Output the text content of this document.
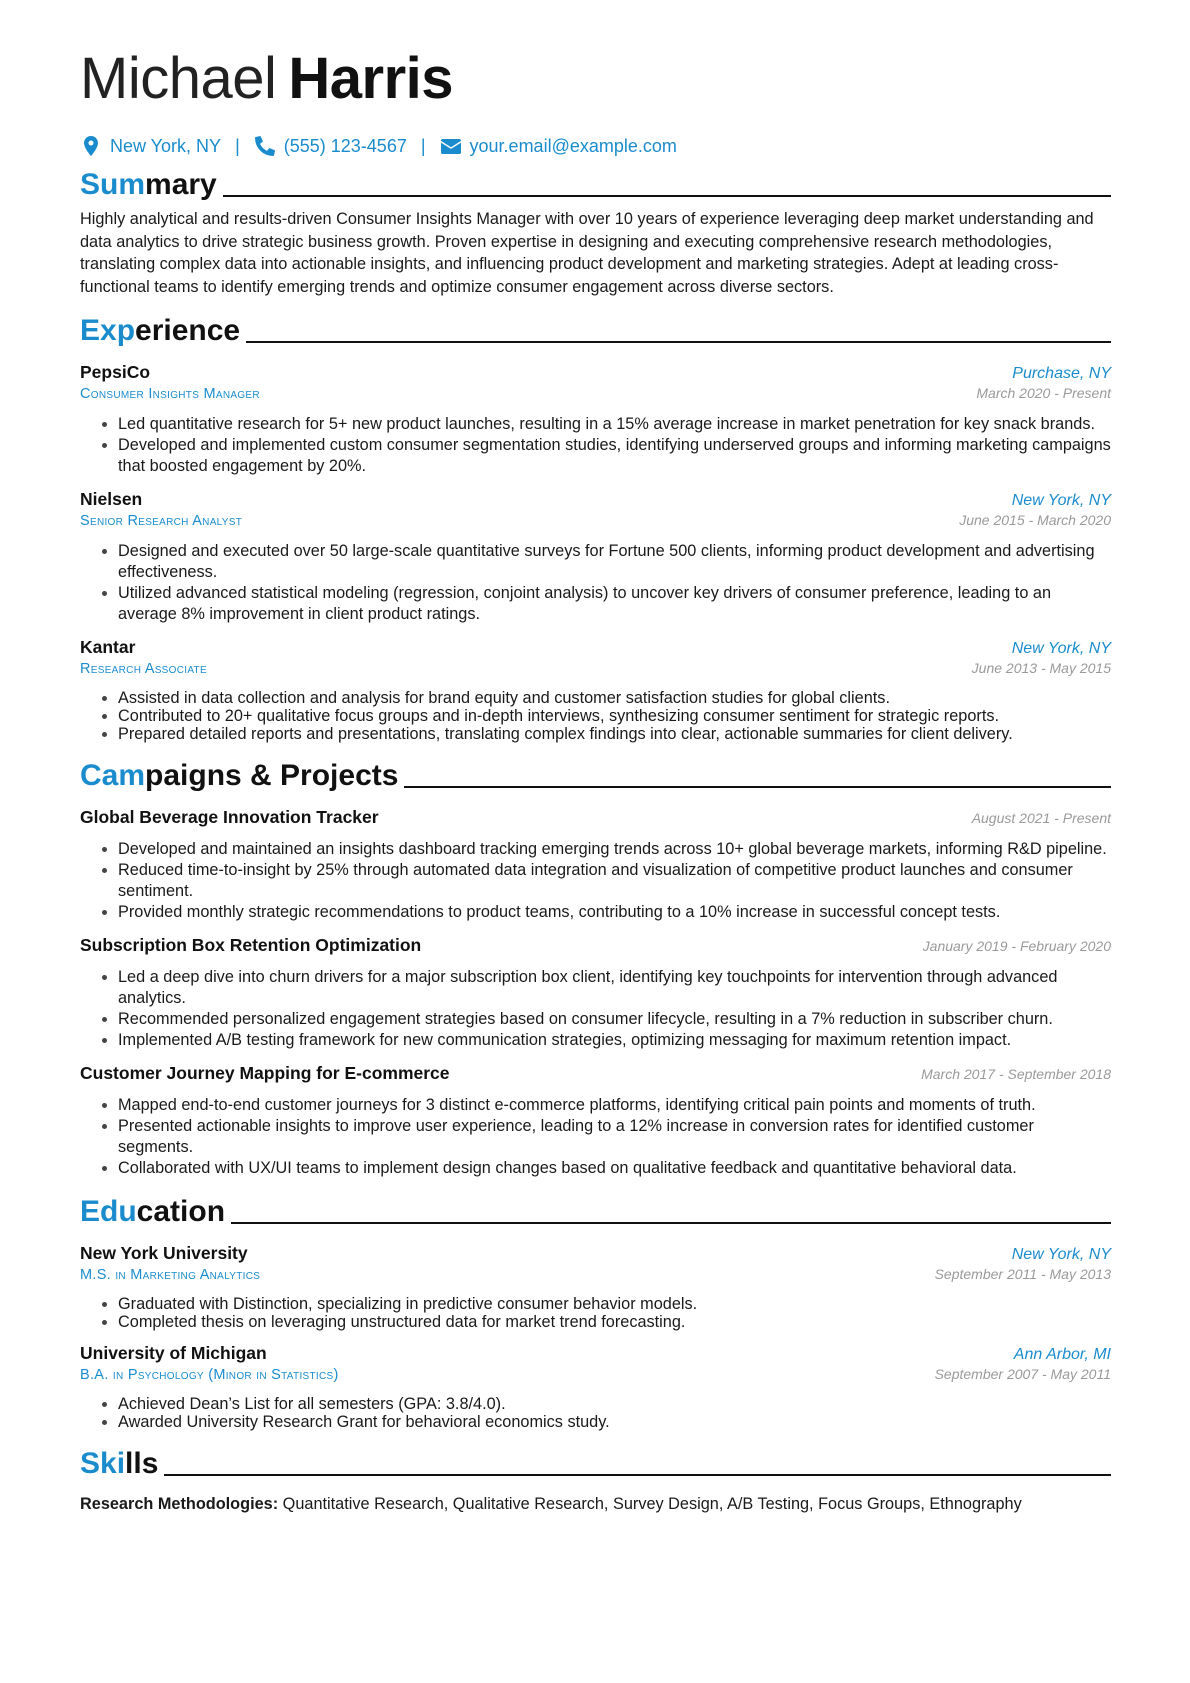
Michael Harris
New York, NY | (555) 123-4567 | your.email@example.com
Summary

Highly analytical and results-driven Consumer Insights Manager with over 10 years of experience leveraging deep market understanding and data analytics to drive strategic business growth. Proven expertise in designing and executing comprehensive research methodologies, translating complex data into actionable insights, and influencing product development and marketing strategies. Adept at leading cross-functional teams to identify emerging trends and optimize consumer engagement across diverse sectors.

Experience
PepsiCo	Purchase, NY
Consumer Insights Manager	March 2020 - Present
• Led quantitative research for 5+ new product launches, resulting in a 15% average increase in market penetration for key snack brands.
• Developed and implemented custom consumer segmentation studies, identifying underserved groups and informing marketing campaigns that boosted engagement by 20%.
Nielsen	New York, NY
Senior Research Analyst	June 2015 - March 2020
• Designed and executed over 50 large-scale quantitative surveys for Fortune 500 clients, informing product development and advertising effectiveness.
• Utilized advanced statistical modeling (regression, conjoint analysis) to uncover key drivers of consumer preference, leading to an average 8% improvement in client product ratings.
Kantar	New York, NY
Research Associate	June 2013 - May 2015
• Assisted in data collection and analysis for brand equity and customer satisfaction studies for global clients.
• Contributed to 20+ qualitative focus groups and in-depth interviews, synthesizing consumer sentiment for strategic reports.
• Prepared detailed reports and presentations, translating complex findings into clear, actionable summaries for client delivery.
Campaigns & Projects
Global Beverage Innovation Tracker	August 2021 - Present
• Developed and maintained an insights dashboard tracking emerging trends across 10+ global beverage markets, informing R&D pipeline.
• Reduced time-to-insight by 25% through automated data integration and visualization of competitive product launches and consumer sentiment.
• Provided monthly strategic recommendations to product teams, contributing to a 10% increase in successful concept tests.
Subscription Box Retention Optimization	January 2019 - February 2020
• Led a deep dive into churn drivers for a major subscription box client, identifying key touchpoints for intervention through advanced analytics.
• Recommended personalized engagement strategies based on consumer lifecycle, resulting in a 7% reduction in subscriber churn.
• Implemented A/B testing framework for new communication strategies, optimizing messaging for maximum retention impact.
Customer Journey Mapping for E-commerce	March 2017 - September 2018
• Mapped end-to-end customer journeys for 3 distinct e-commerce platforms, identifying critical pain points and moments of truth.
• Presented actionable insights to improve user experience, leading to a 12% increase in conversion rates for identified customer segments.
• Collaborated with UX/UI teams to implement design changes based on qualitative feedback and quantitative behavioral data.
Education
New York University	New York, NY
M.S. in Marketing Analytics	September 2011 - May 2013
• Graduated with Distinction, specializing in predictive consumer behavior models.
• Completed thesis on leveraging unstructured data for market trend forecasting.
University of Michigan	Ann Arbor, MI
B.A. in Psychology (Minor in Statistics)	September 2007 - May 2011
• Achieved Dean’s List for all semesters (GPA: 3.8/4.0).
• Awarded University Research Grant for behavioral economics study.
Skills
Research Methodologies: Quantitative Research, Qualitative Research, Survey Design, A/B Testing, Focus Groups, Ethnography
